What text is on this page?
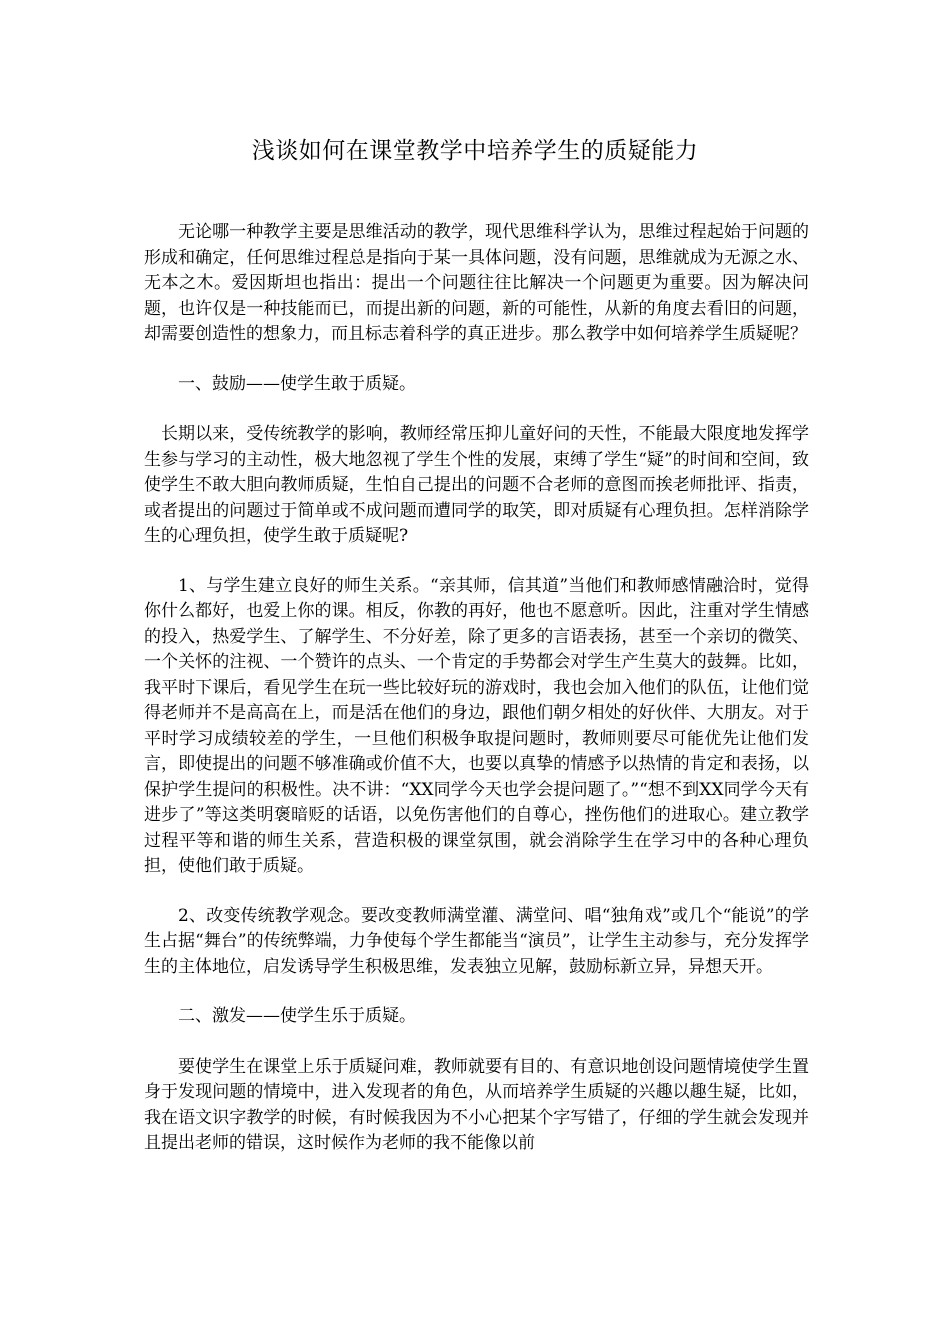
浅谈如何在课堂教学中培养学生的质疑能力

无论哪一种教学主要是思维活动的教学，现代思维科学认为，思维过程起始于问题的形成和确定，任何思维过程总是指向于某一具体问题，没有问题，思维就成为无源之水、无本之木。爱因斯坦也指出：提出一个问题往往比解决一个问题更为重要。因为解决问题，也许仅是一种技能而已，而提出新的问题，新的可能性，从新的角度去看旧的问题，却需要创造性的想象力，而且标志着科学的真正进步。那么教学中如何培养学生质疑呢？

一、鼓励——使学生敢于质疑。

长期以来，受传统教学的影响，教师经常压抑儿童好问的天性，不能最大限度地发挥学生参与学习的主动性，极大地忽视了学生个性的发展，束缚了学生“疑”的时间和空间，致使学生不敢大胆向教师质疑，生怕自己提出的问题不合老师的意图而挨老师批评、指责，或者提出的问题过于简单或不成问题而遭同学的取笑，即对质疑有心理负担。怎样消除学生的心理负担，使学生敢于质疑呢?

1、与学生建立良好的师生关系。“亲其师，信其道”当他们和教师感情融洽时，觉得你什么都好，也爱上你的课。相反，你教的再好，他也不愿意听。因此，注重对学生情感的投入，热爱学生、了解学生、不分好差，除了更多的言语表扬，甚至一个亲切的微笑、一个关怀的注视、一个赞许的点头、一个肯定的手势都会对学生产生莫大的鼓舞。比如，我平时下课后，看见学生在玩一些比较好玩的游戏时，我也会加入他们的队伍，让他们觉得老师并不是高高在上，而是活在他们的身边，跟他们朝夕相处的好伙伴、大朋友。对于平时学习成绩较差的学生，一旦他们积极争取提问题时，教师则要尽可能优先让他们发言，即使提出的问题不够准确或价值不大，也要以真挚的情感予以热情的肯定和表扬，以保护学生提问的积极性。决不讲：“XX同学今天也学会提问题了。”“想不到XX同学今天有进步了”等这类明褒暗贬的话语，以免伤害他们的自尊心，挫伤他们的进取心。建立教学过程平等和谐的师生关系，营造积极的课堂氛围，就会消除学生在学习中的各种心理负担，使他们敢于质疑。

2、改变传统教学观念。要改变教师满堂灌、满堂问、唱“独角戏”或几个“能说”的学生占据“舞台”的传统弊端，力争使每个学生都能当“演员”，让学生主动参与，充分发挥学生的主体地位，启发诱导学生积极思维，发表独立见解，鼓励标新立异，异想天开。

二、激发——使学生乐于质疑。

要使学生在课堂上乐于质疑问难，教师就要有目的、有意识地创设问题情境使学生置身于发现问题的情境中，进入发现者的角色，从而培养学生质疑的兴趣以趣生疑，比如，我在语文识字教学的时候，有时候我因为不小心把某个字写错了，仔细的学生就会发现并且提出老师的错误，这时候作为老师的我不能像以前
